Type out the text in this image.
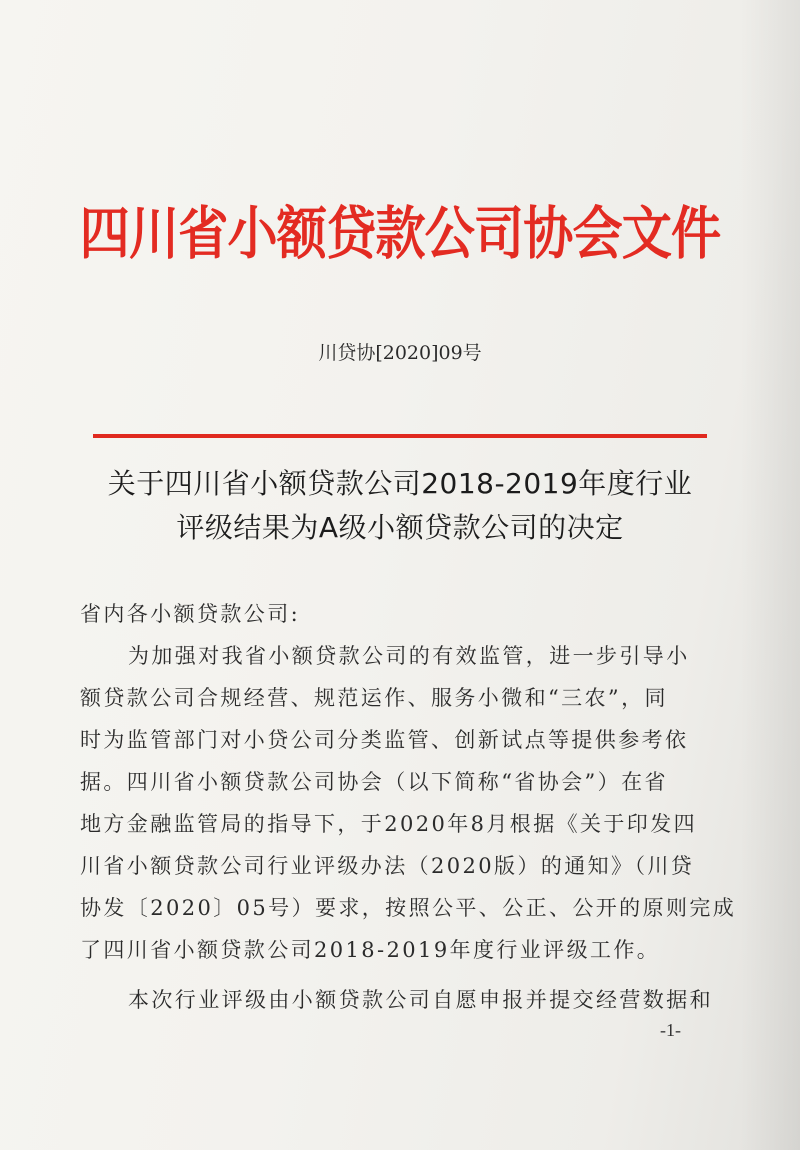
四川省小额贷款公司协会文件
川贷协[2020]09号
关于四川省小额贷款公司2018-2019年度行业
评级结果为A级小额贷款公司的决定
省内各小额贷款公司:
为加强对我省小额贷款公司的有效监管，进一步引导小
额贷款公司合规经营、规范运作、服务小微和“三农”，同
时为监管部门对小贷公司分类监管、创新试点等提供参考依
据。四川省小额贷款公司协会（以下简称“省协会”）在省
地方金融监管局的指导下，于2020年8月根据《关于印发四
川省小额贷款公司行业评级办法（2020版）的通知》（川贷
协发〔2020〕05号）要求，按照公平、公正、公开的原则完成
了四川省小额贷款公司2018-2019年度行业评级工作。
本次行业评级由小额贷款公司自愿申报并提交经营数据和
-1-
